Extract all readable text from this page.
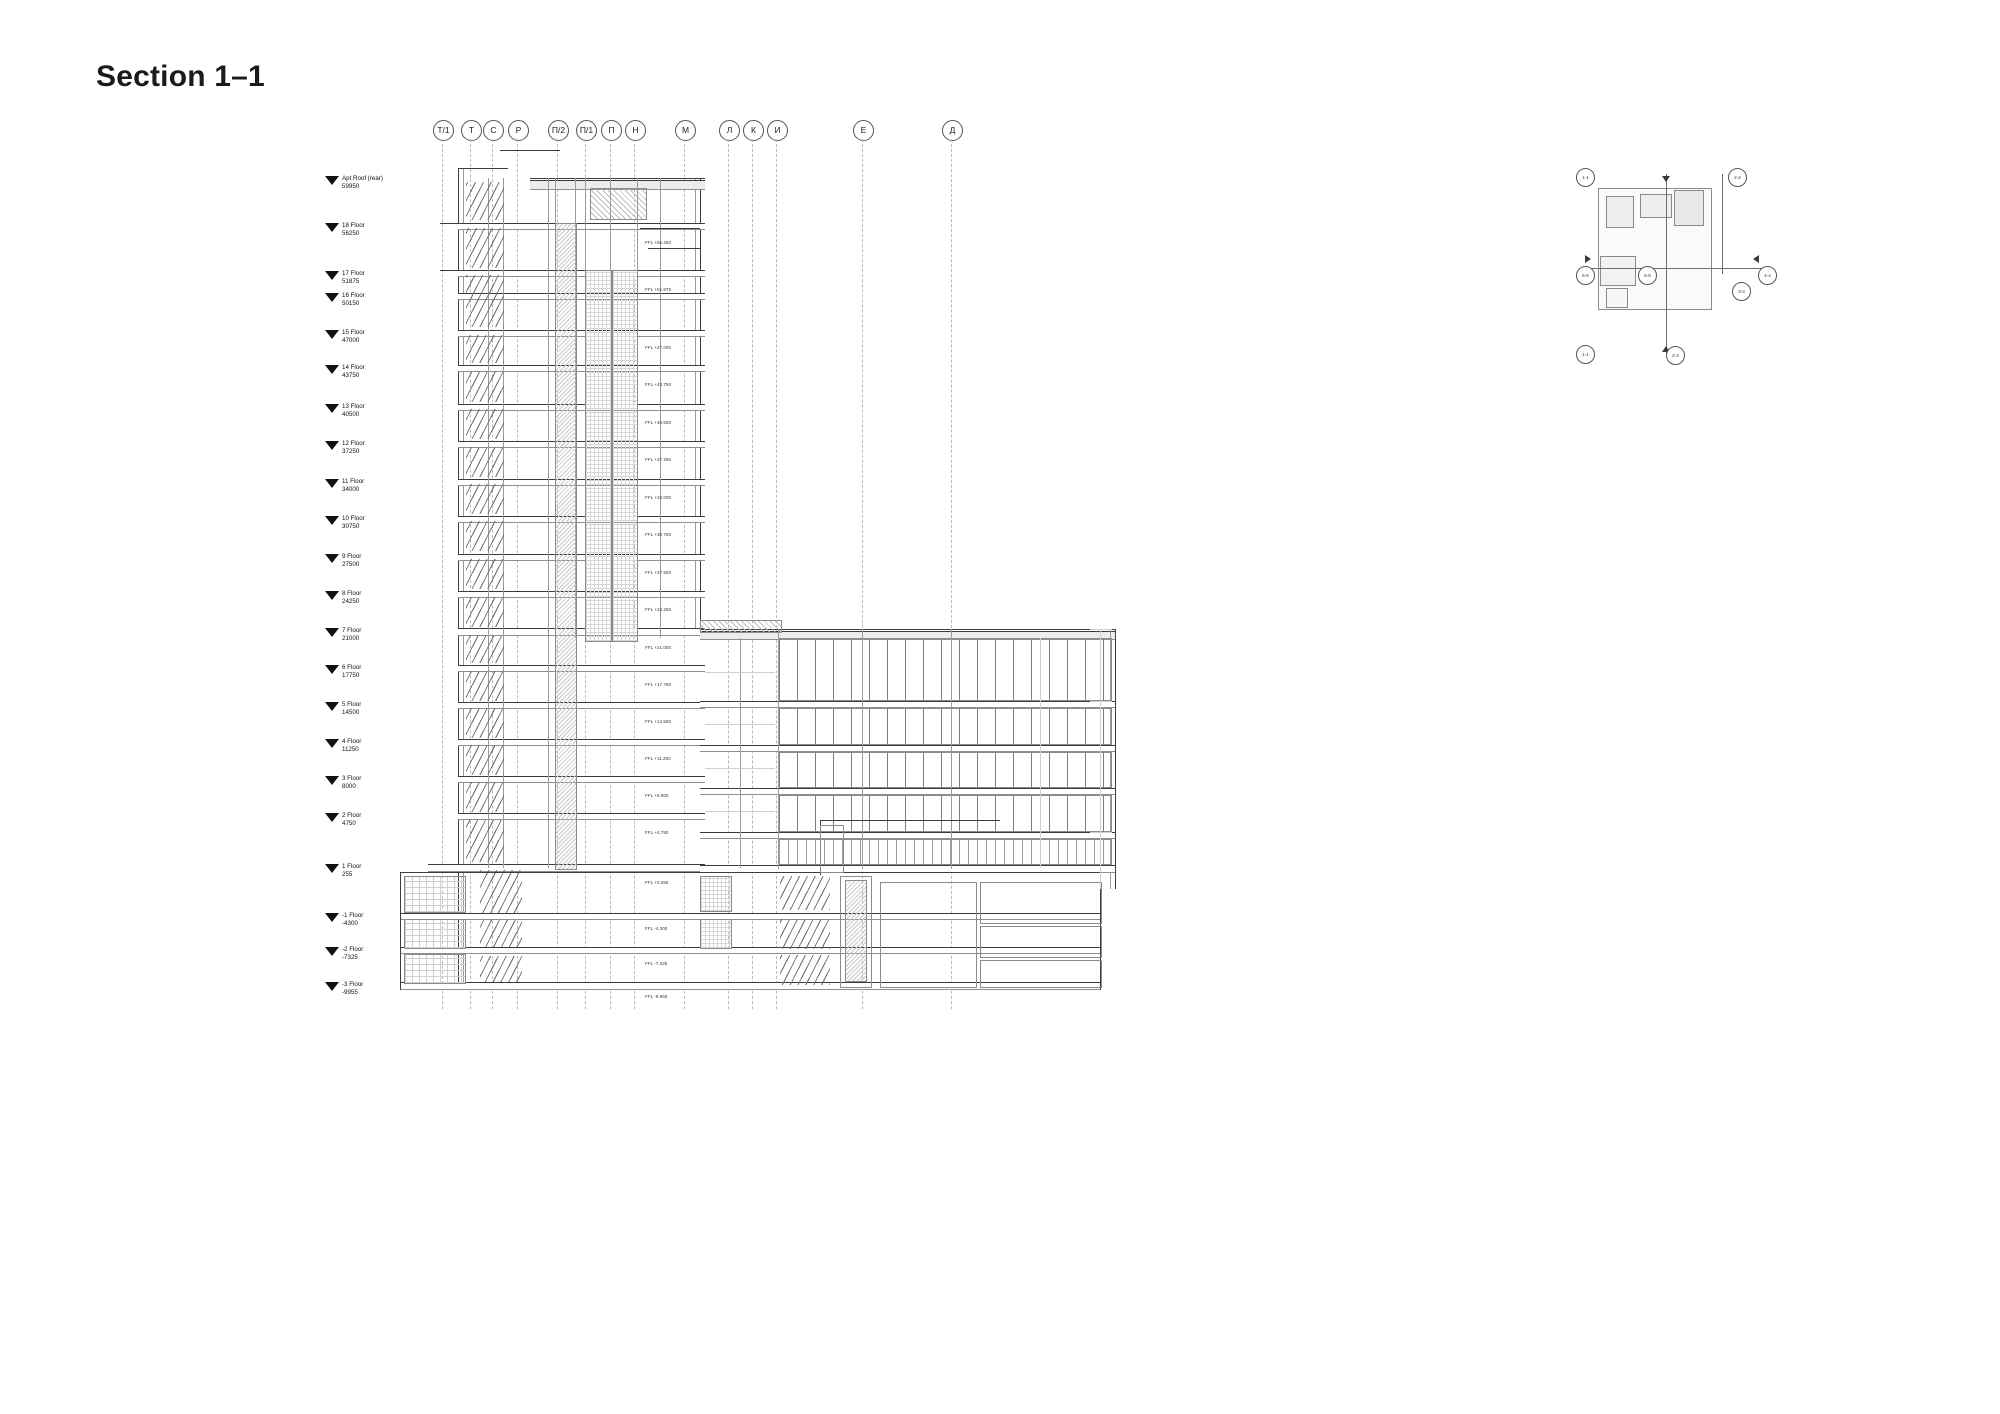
Section 1–1
Apt Roof (rear)
59950
18 Floor
56250
17 Floor
51875
16 Floor
50150
15 Floor
47000
14 Floor
43750
13 Floor
40500
12 Floor
37250
11 Floor
34000
10 Floor
30750
9 Floor
27500
8 Floor
24250
7 Floor
21000
6 Floor
17750
5 Floor
14500
4 Floor
11250
3 Floor
8000
2 Floor
4750
1 Floor
255
-1 Floor
-4300
-2 Floor
-7325
-3 Floor
-9955
Т/1	Т	С	Р	П/2	П/1	П	Н	М	Л	К	И	Е	Д
FFL +56.250
FFL +51.875
FFL +47.000
FFL +43.750
FFL +40.500
FFL +37.250
FFL +34.000
FFL +30.750
FFL +27.500
FFL +24.250
FFL +21.000
FFL +17.750
FFL +14.500
FFL +11.250
FFL +8.000
FFL +4.750
FFL +0.255
FFL -4.300
FFL -7.325
FFL -9.955
1-1	2-2
3-3
1-1	2-2
4-4
5-5
6-6
